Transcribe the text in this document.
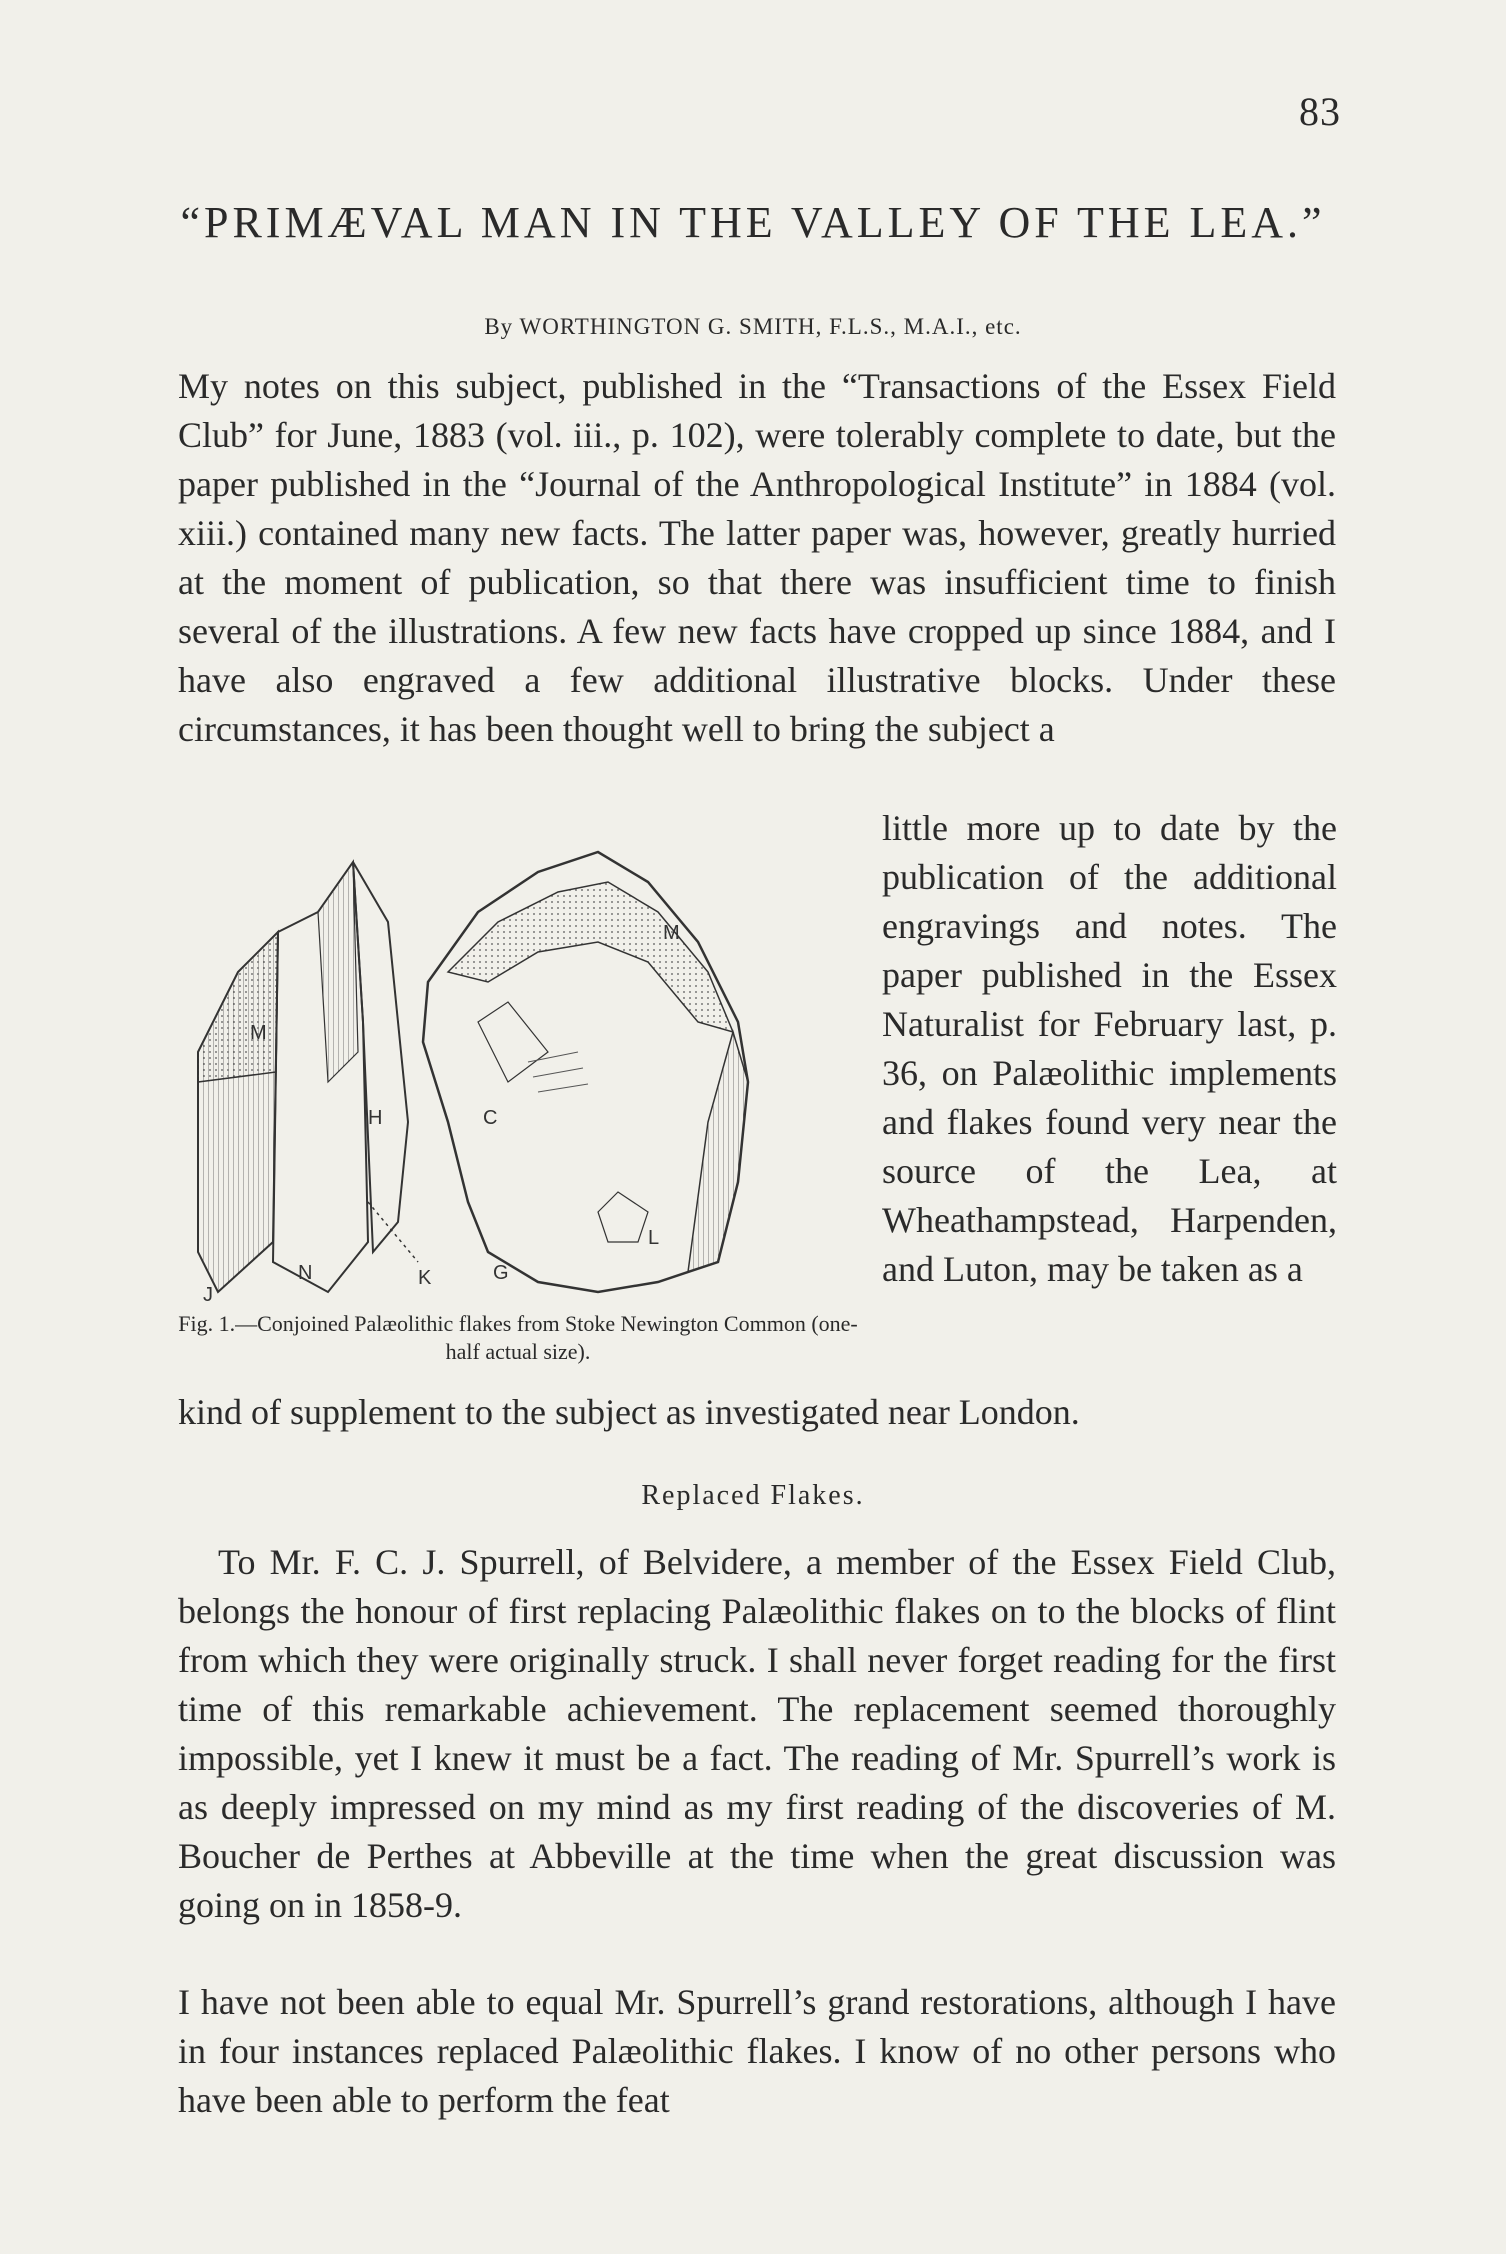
83
“PRIMÆVAL MAN IN THE VALLEY OF THE LEA.”
By WORTHINGTON G. SMITH, F.L.S., M.A.I., etc.
My notes on this subject, published in the “Transactions of the Essex Field Club” for June, 1883 (vol. iii., p. 102), were tolerably complete to date, but the paper published in the “Journal of the Anthropological Institute” in 1884 (vol. xiii.) contained many new facts. The latter paper was, however, greatly hurried at the moment of publication, so that there was insufficient time to finish several of the illustrations. A few new facts have cropped up since 1884, and I have also engraved a few additional illustrative blocks. Under these circumstances, it has been thought well to bring the subject a
little more up to date by the publication of the additional engravings and notes. The paper published in the Essex Naturalist for February last, p. 36, on Palæolithic implements and flakes found very near the source of the Lea, at Wheathampstead, Harpenden, and Luton, may be taken as a
M
M
H	C
L
N	K
J
G
Fig. 1.—Conjoined Palæolithic flakes from Stoke Newington Common (one-half actual size).
kind of supplement to the subject as investigated near London.
Replaced Flakes.
To Mr. F. C. J. Spurrell, of Belvidere, a member of the Essex Field Club, belongs the honour of first replacing Palæolithic flakes on to the blocks of flint from which they were originally struck. I shall never forget reading for the first time of this remarkable achievement. The replacement seemed thoroughly impossible, yet I knew it must be a fact. The reading of Mr. Spurrell’s work is as deeply impressed on my mind as my first reading of the discoveries of M. Boucher de Perthes at Abbeville at the time when the great discussion was going on in 1858-9.
I have not been able to equal Mr. Spurrell’s grand restorations, although I have in four instances replaced Palæolithic flakes. I know of no other persons who have been able to perform the feat
